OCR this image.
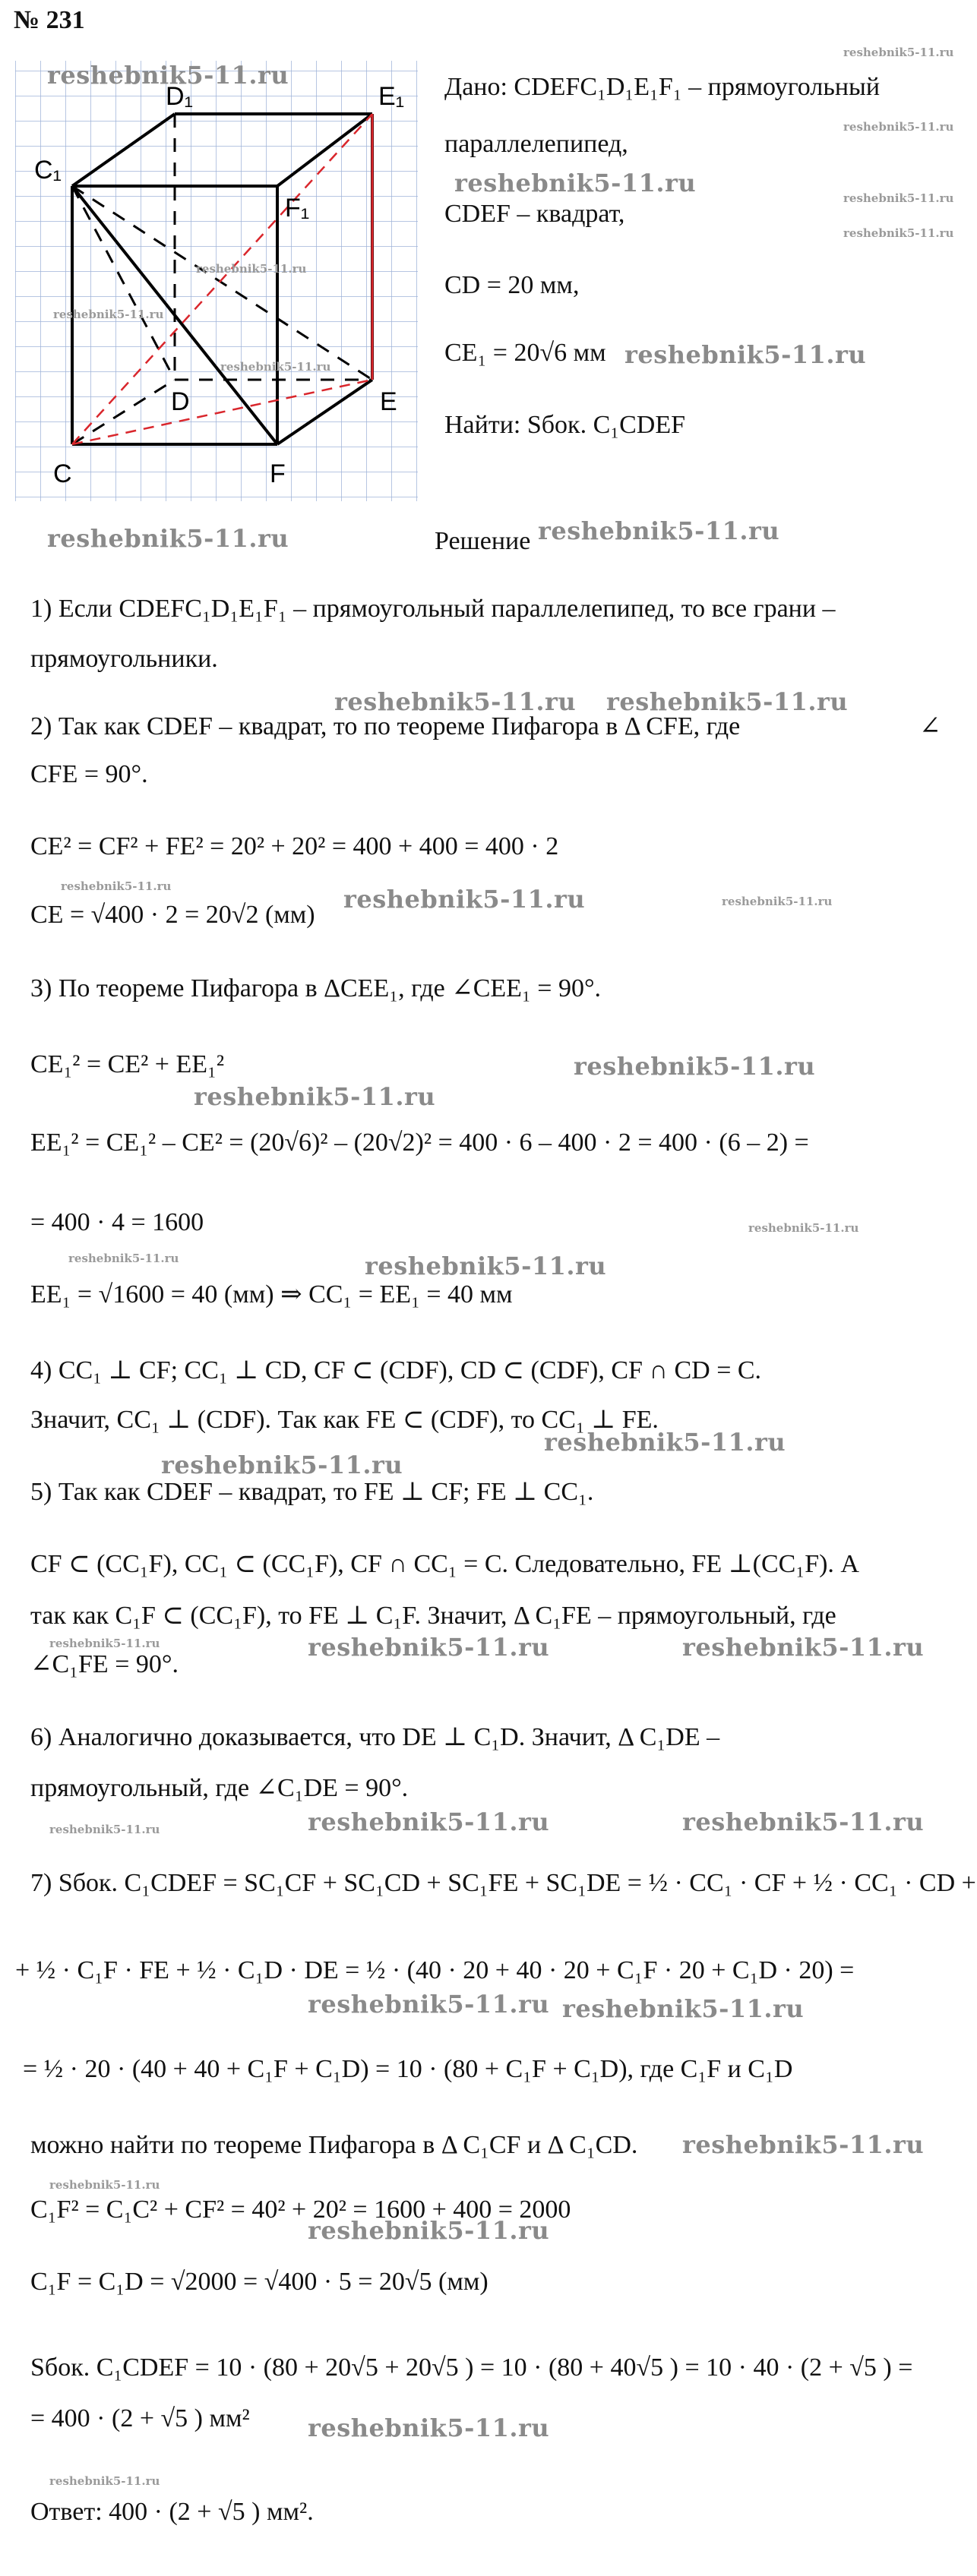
№ 231
D₁	E₁
C₁
F₁
D	E
C	F
reshebnik5-11.ru
reshebnik5-11.ru
reshebnik5-11.ru
reshebnik5-11.ru
Дано: CDEFC₁D₁E₁F₁ – прямоугольный
reshebnik5-11.ru
reshebnik5-11.ru
параллелепипед,
reshebnik5-11.ru
reshebnik5-11.ru
CDEF – квадрат,
reshebnik5-11.ru
CD = 20 мм,
CE₁ = 20√6 мм reshebnik5-11.ru
Найти: Sбок. C₁CDEF
reshebnik5-11.ru	Решение reshebnik5-11.ru
1) Если CDEFC₁D₁E₁F₁ – прямоугольный параллелепипед, то все грани –
прямоугольники.
reshebnik5-11.ru reshebnik5-11.ru
2) Так как CDEF – квадрат, то по теореме Пифагора в Δ CFE, где	∠
CFE = 90°.
CE² = CF² + FE² = 20² + 20² = 400 + 400 = 400 · 2
reshebnik5-11.ru
CE = √400 · 2 = 20√2 (мм)
reshebnik5-11.ru	reshebnik5-11.ru
3) По теореме Пифагора в ΔCEE₁, где ∠CEE₁ = 90°.
CE₁² = CE² + EE₁²	reshebnik5-11.ru
reshebnik5-11.ru
EE₁² = CE₁² – CE² = (20√6)² – (20√2)² = 400 · 6 – 400 · 2 = 400 · (6 – 2) =
= 400 · 4 = 1600	reshebnik5-11.ru
reshebnik5-11.ru	reshebnik5-11.ru
EE₁ = √1600 = 40 (мм) ⇒ CC₁ = EE₁ = 40 мм
4) CC₁ ⊥ CF; CC₁ ⊥ CD, CF ⊂ (CDF), CD ⊂ (CDF), CF ∩ CD = C.
Значит, CC₁ ⊥ (CDF). Так как FE ⊂ (CDF), то CC₁ ⊥ FE.
reshebnik5-11.ru
reshebnik5-11.ru
5) Так как CDEF – квадрат, то FE ⊥ CF; FE ⊥ CC₁.
CF ⊂ (CC₁F), CC₁ ⊂ (CC₁F), CF ∩ CC₁ = C. Следовательно, FE ⊥(CC₁F). А
так как C₁F ⊂ (CC₁F), то FE ⊥ C₁F. Значит, Δ C₁FE – прямоугольный, где
reshebnik5-11.ru	reshebnik5-11.ru	reshebnik5-11.ru
∠C₁FE = 90°.
6) Аналогично доказывается, что DE ⊥ C₁D. Значит, Δ C₁DE –
прямоугольный, где ∠C₁DE = 90°.
reshebnik5-11.ru	reshebnik5-11.ru	reshebnik5-11.ru
7) Sбок. C₁CDEF = SC₁CF + SC₁CD + SC₁FE + SC₁DE = ½ · CC₁ · CF + ½ · CC₁ · CD +
+ ½ · C₁F · FE + ½ · C₁D · DE = ½ · (40 · 20 + 40 · 20 + C₁F · 20 + C₁D · 20) =
reshebnik5-11.ru reshebnik5-11.ru
= ½ · 20 · (40 + 40 + C₁F + C₁D) = 10 · (80 + C₁F + C₁D), где C₁F и C₁D
можно найти по теореме Пифагора в Δ C₁CF и Δ C₁CD. reshebnik5-11.ru
reshebnik5-11.ru
C₁F² = C₁C² + CF² = 40² + 20² = 1600 + 400 = 2000
reshebnik5-11.ru
C₁F = C₁D = √2000 = √400 · 5 = 20√5 (мм)
Sбок. C₁CDEF = 10 · (80 + 20√5 + 20√5 ) = 10 · (80 + 40√5 ) = 10 · 40 · (2 + √5 ) =
= 400 · (2 + √5 ) мм² reshebnik5-11.ru
reshebnik5-11.ru
Ответ: 400 · (2 + √5 ) мм².
